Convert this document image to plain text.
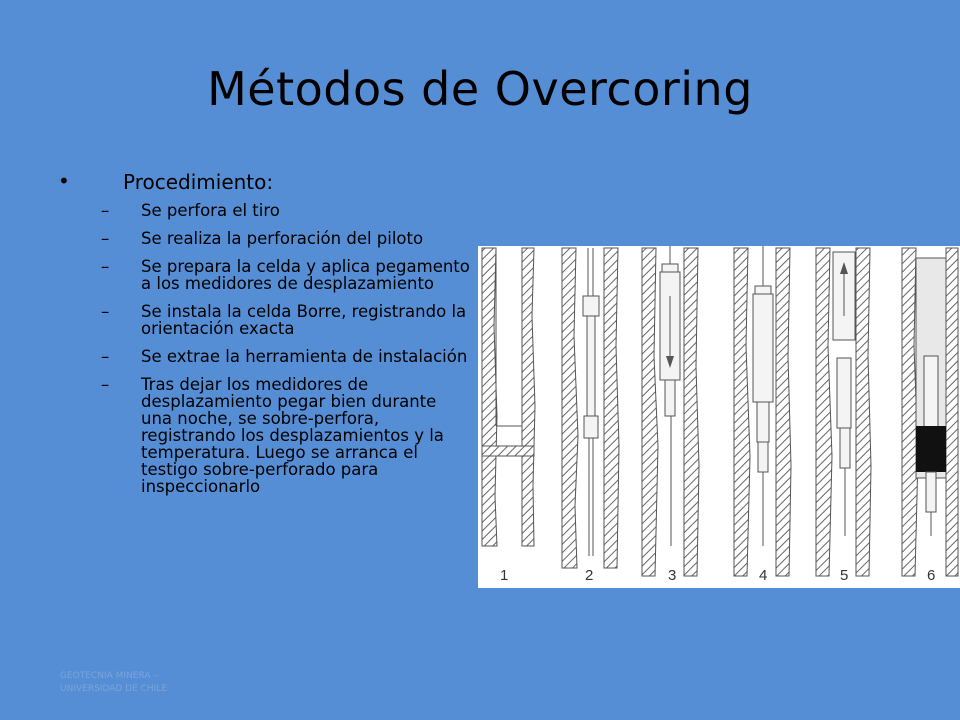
Métodos de Overcoring
•	Procedimiento:
– Se perfora el tiro
– Se realiza la perforación del piloto
– Se prepara la celda y aplica pegamento a los medidores de desplazamiento
– Se instala la celda Borre, registrando la orientación exacta
– Se extrae la herramienta de instalación
– Tras dejar los medidores de desplazamiento pegar bien durante una noche, se sobre-perfora, registrando los desplazamientos y la temperatura. Luego se arranca el testigo sobre-perforado para inspeccionarlo
1	2	3	4	5	6
GEOTECNIA MINERA –
UNIVERSIDAD DE CHILE
